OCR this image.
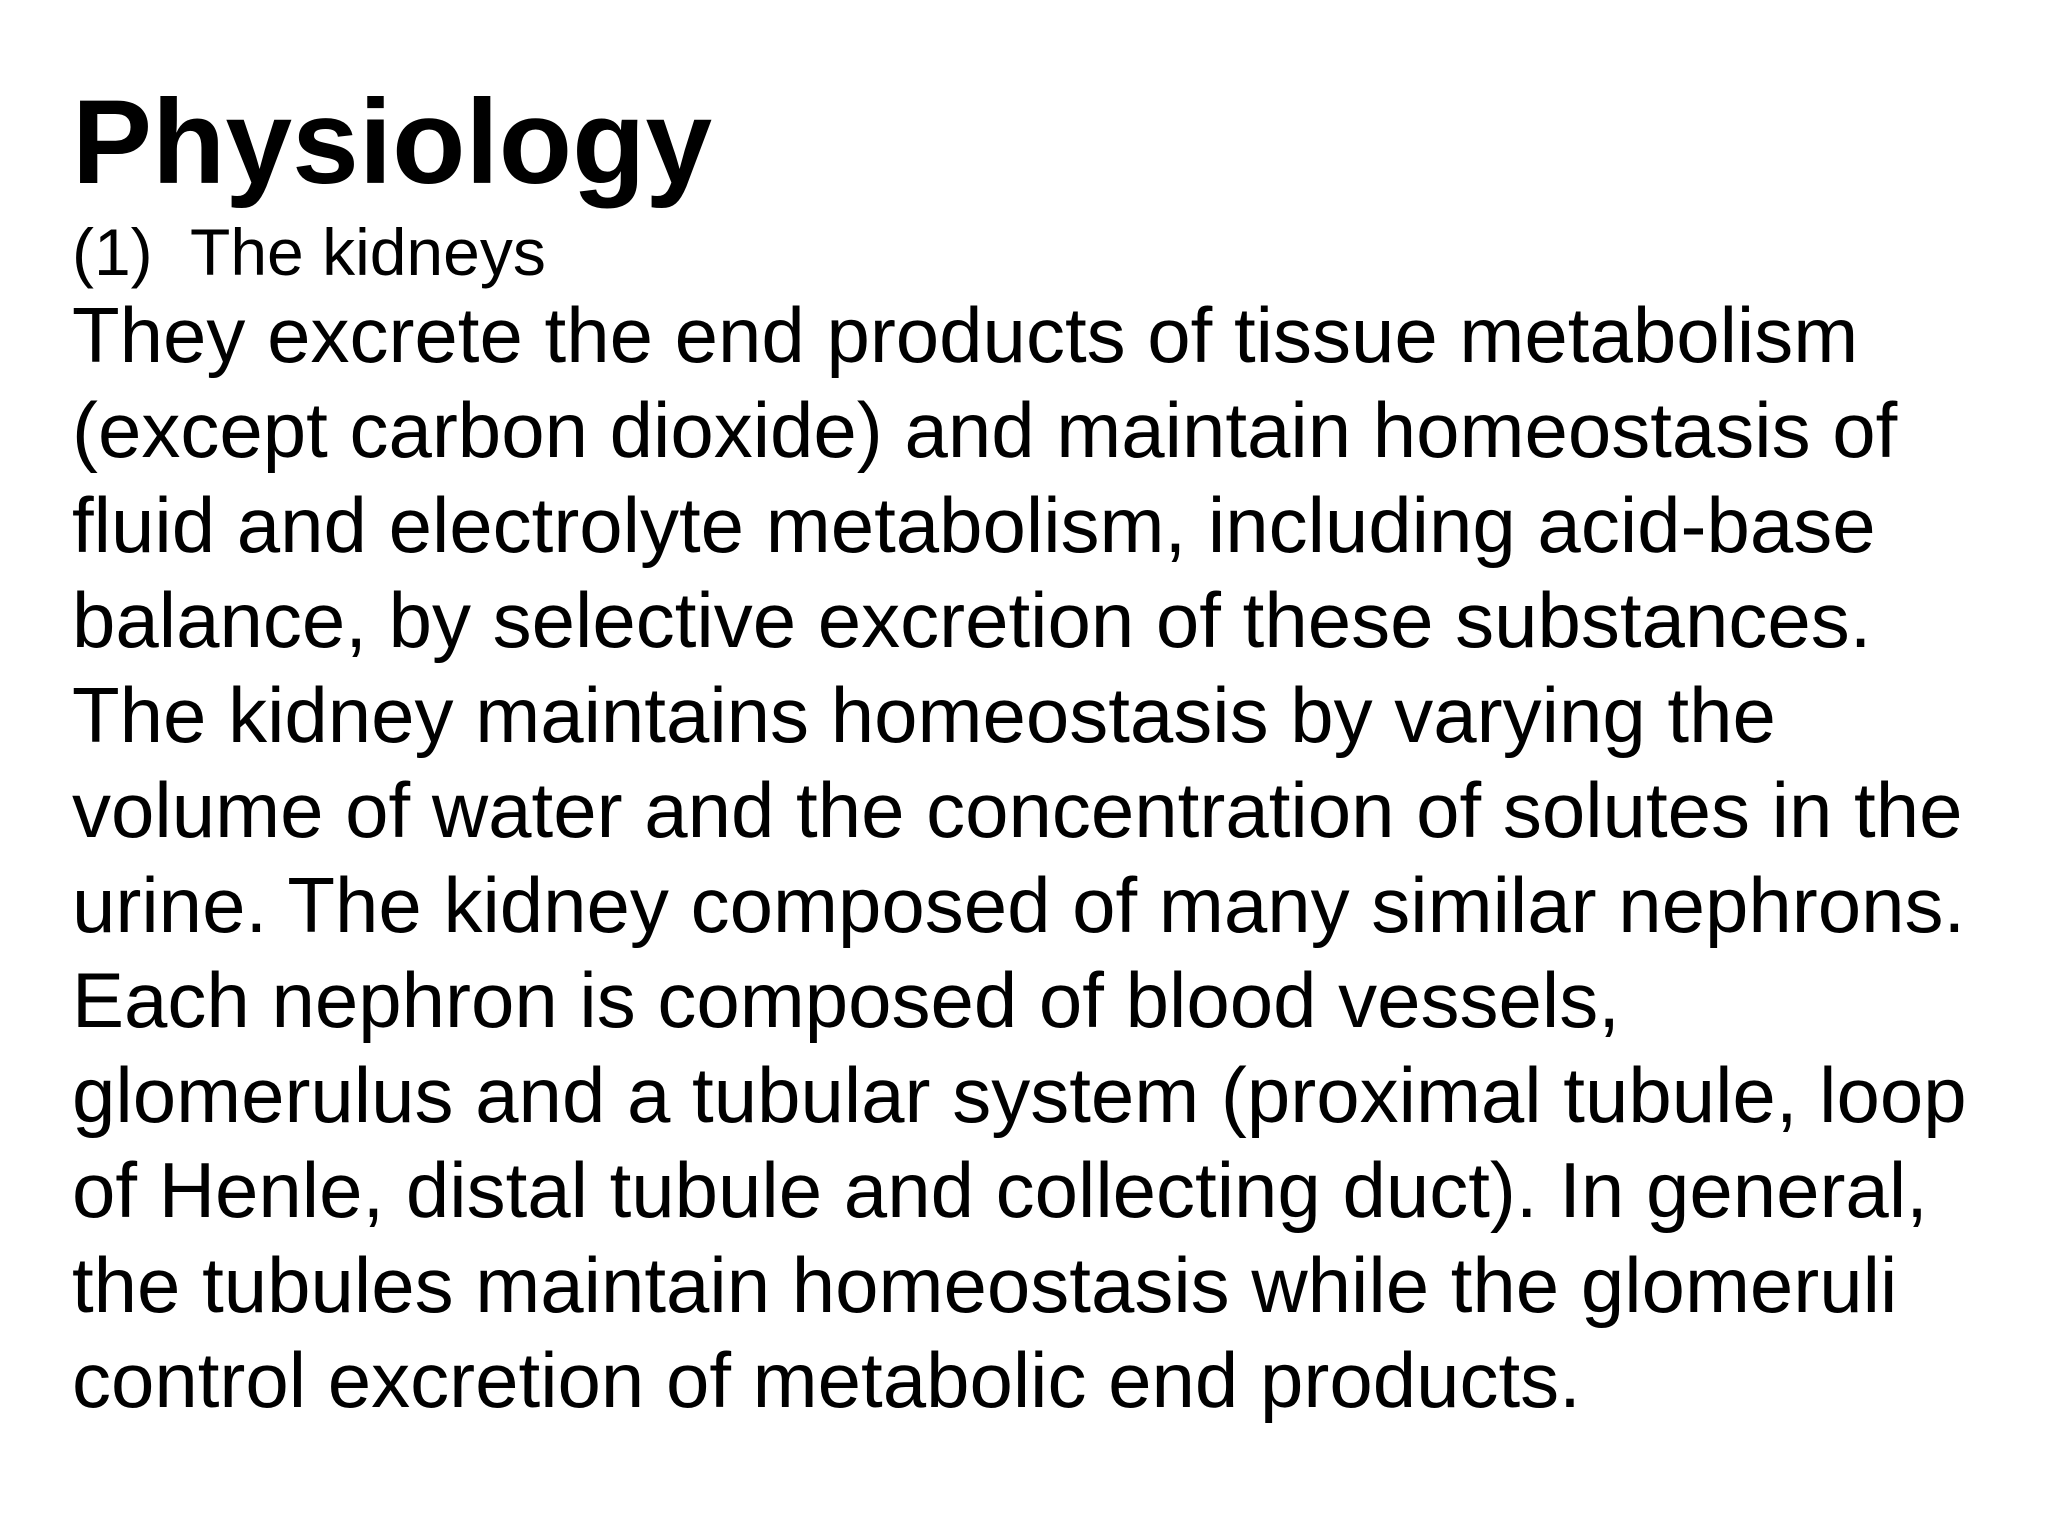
Physiology
(1) The kidneys
They excrete the end products of tissue metabolism
(except carbon dioxide) and maintain homeostasis of
fluid and electrolyte metabolism, including acid-base
balance, by selective excretion of these substances.
The kidney maintains homeostasis by varying the
volume of water and the concentration of solutes in the
urine. The kidney composed of many similar nephrons.
Each nephron is composed of blood vessels,
glomerulus and a tubular system (proximal tubule, loop
of Henle, distal tubule and collecting duct). In general,
the tubules maintain homeostasis while the glomeruli
control excretion of metabolic end products.
